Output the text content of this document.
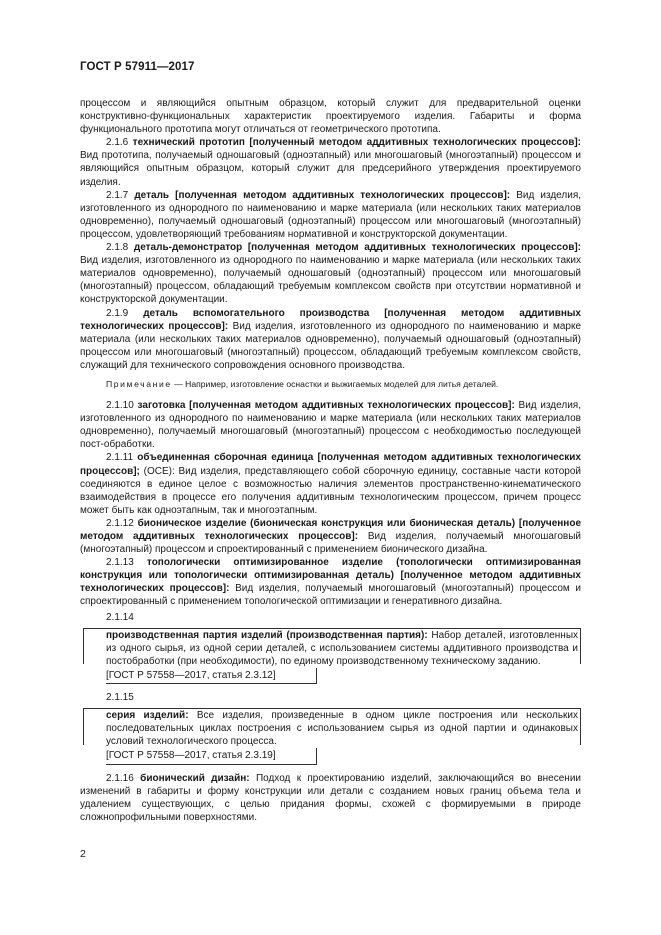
ГОСТ Р 57911—2017

процессом и являющийся опытным образцом, который служит для предварительной оценки конструктивно-функциональных характеристик проектируемого изделия. Габариты и форма функционального прототипа могут отличаться от геометрического прототипа.

2.1.6 технический прототип [полученный методом аддитивных технологических процессов]: Вид прототипа, получаемый одношаговый (одноэтапный) или многошаговый (многоэтапный) процессом и являющийся опытным образцом, который служит для предсерийного утверждения проектируемого изделия.

2.1.7 деталь [полученная методом аддитивных технологических процессов]: Вид изделия, изготовленного из однородного по наименованию и марке материала (или нескольких таких материалов одновременно), получаемый одношаговый (одноэтапный) процессом или многошаговый (многоэтапный) процессом, удовлетворяющий требованиям нормативной и конструкторской документации.

2.1.8 деталь-демонстратор [полученная методом аддитивных технологических процессов]: Вид изделия, изготовленного из однородного по наименованию и марке материала (или нескольких таких материалов одновременно), получаемый одношаговый (одноэтапный) процессом или многошаговый (многоэтапный) процессом, обладающий требуемым комплексом свойств при отсутствии нормативной и конструкторской документации.

2.1.9 деталь вспомогательного производства [полученная методом аддитивных технологических процессов]: Вид изделия, изготовленного из однородного по наименованию и марке материала (или нескольких таких материалов одновременно), получаемый одношаговый (одноэтапный) процессом или многошаговый (многоэтапный) процессом, обладающий требуемым комплексом свойств, служащий для технического сопровождения основного производства.

Примечание — Например, изготовление оснастки и выжигаемых моделей для литья деталей.

2.1.10 заготовка [полученная методом аддитивных технологических процессов]: Вид изделия, изготовленного из однородного по наименованию и марке материала (или нескольких таких материалов одновременно), получаемый многошаговый (многоэтапный) процессом с необходимостью последующей пост-обработки.

2.1.11 объединенная сборочная единица [полученная методом аддитивных технологических процессов]; (ОСЕ): Вид изделия, представляющего собой сборочную единицу, составные части которой соединяются в единое целое с возможностью наличия элементов пространственно-кинематического взаимодействия в процессе его получения аддитивным технологическим процессом, причем процесс может быть как одноэтапным, так и многоэтапным.

2.1.12 бионическое изделие (бионическая конструкция или бионическая деталь) [полученное методом аддитивных технологических процессов]: Вид изделия, получаемый многошаговый (многоэтапный) процессом и спроектированный с применением бионического дизайна.

2.1.13 топологически оптимизированное изделие (топологически оптимизированная конструкция или топологически оптимизированная деталь) [полученное методом аддитивных технологических процессов]: Вид изделия, получаемый многошаговый (многоэтапный) процессом и спроектированный с применением топологической оптимизации и генеративного дизайна.

2.1.14

производственная партия изделий (производственная партия): Набор деталей, изготовленных из одного сырья, из одной серии деталей, с использованием системы аддитивного производства и постобработки (при необходимости), по единому производственному техническому заданию.

[ГОСТ Р 57558—2017, статья 2.3.12]

2.1.15

серия изделий: Все изделия, произведенные в одном цикле построения или нескольких последовательных циклах построения с использованием сырья из одной партии и одинаковых условий технологического процесса.

[ГОСТ Р 57558—2017, статья 2.3.19]

2.1.16 бионический дизайн: Подход к проектированию изделий, заключающийся во внесении изменений в габариты и форму конструкции или детали с созданием новых границ объема тела и удалением существующих, с целью придания формы, схожей с формируемыми в природе сложнопрофильными поверхностями.

2
